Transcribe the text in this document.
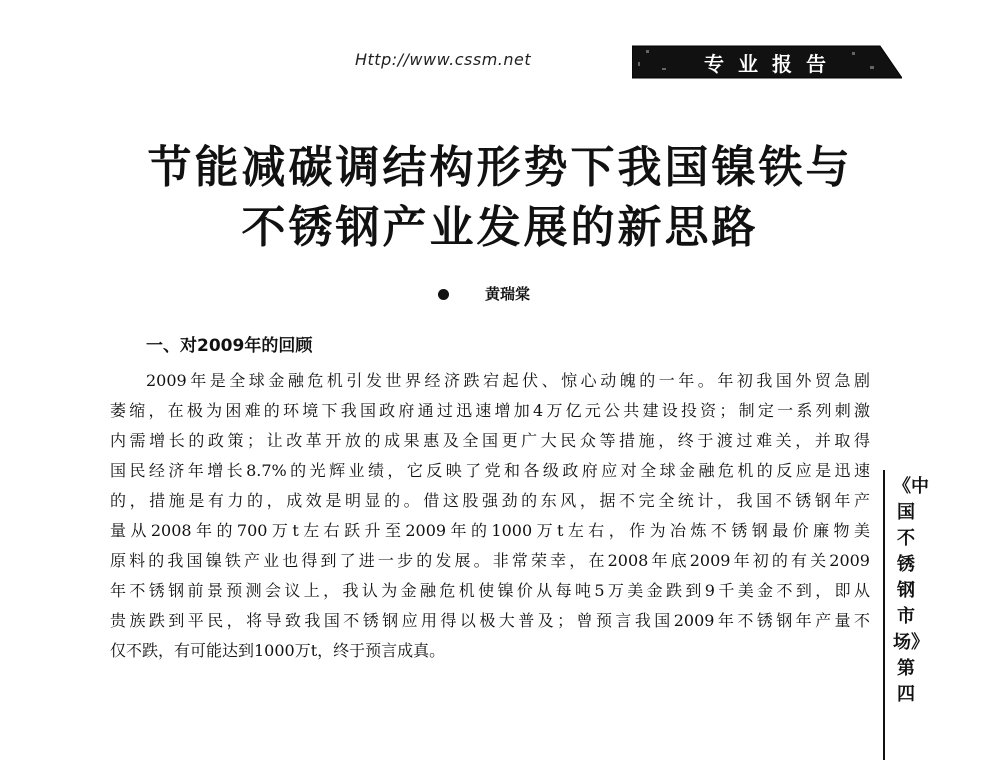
Http://www.cssm.net	专业报告
节能减碳调结构形势下我国镍铁与
不锈钢产业发展的新思路
黄瑞棠
一、对2009年的回顾
2009年是全球金融危机引发世界经济跌宕起伏、惊心动魄的一年。年初我国外贸急剧
萎缩，在极为困难的环境下我国政府通过迅速增加4万亿元公共建设投资；制定一系列刺激
内需增长的政策；让改革开放的成果惠及全国更广大民众等措施，终于渡过难关，并取得
国民经济年增长8.7%的光辉业绩，它反映了党和各级政府应对全球金融危机的反应是迅速
的，措施是有力的，成效是明显的。借这股强劲的东风，据不完全统计，我国不锈钢年产
量从2008年的700万t左右跃升至2009年的1000万t左右，作为冶炼不锈钢最价廉物美
原料的我国镍铁产业也得到了进一步的发展。非常荣幸，在2008年底2009年初的有关2009
年不锈钢前景预测会议上，我认为金融危机使镍价从每吨5万美金跌到9千美金不到，即从
贵族跌到平民，将导致我国不锈钢应用得以极大普及；曾预言我国2009年不锈钢年产量不
仅不跌，有可能达到1000万t，终于预言成真。
《中国不锈钢市场》第四
